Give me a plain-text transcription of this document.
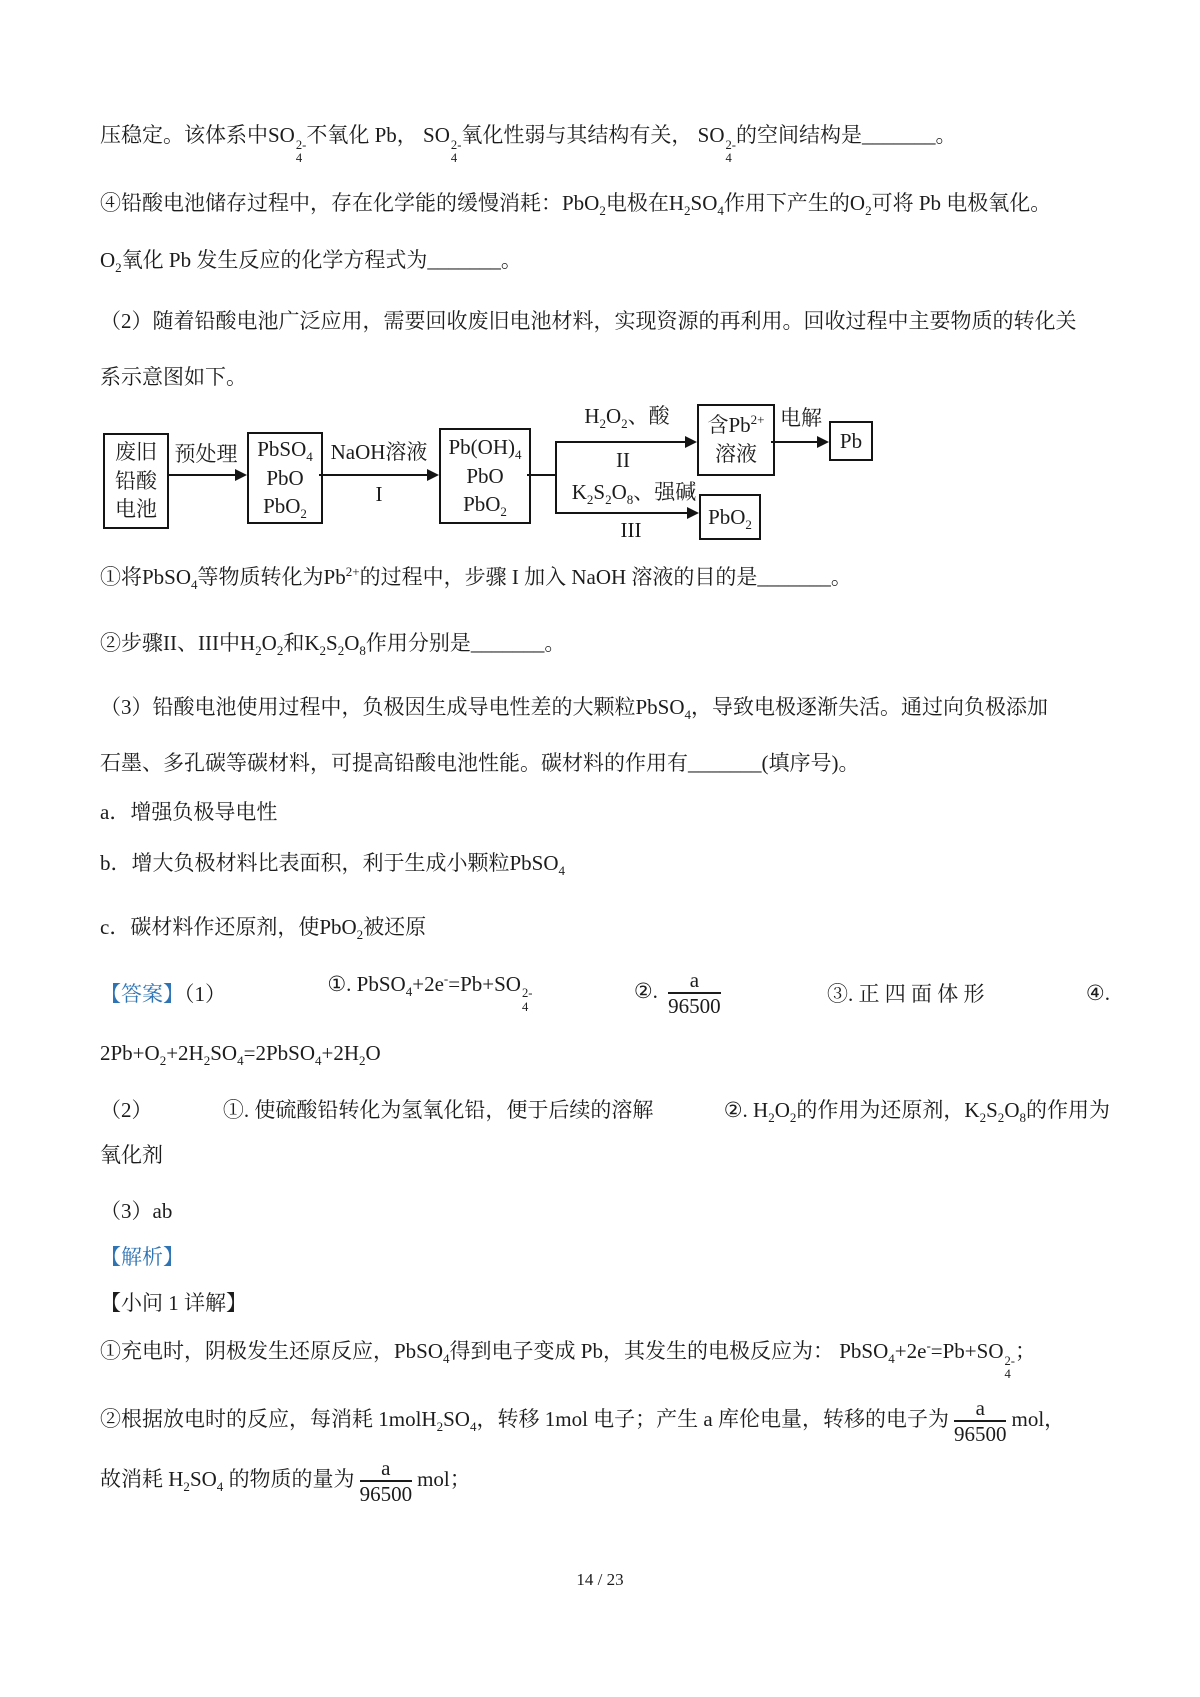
压稳定。该体系中SO 2-
4
不氧化 Pb， SO 2-
4
氧化性弱与其结构有关， SO 2-
4
的空间结构是_______。
④铅酸电池储存过程中，存在化学能的缓慢消耗：PbO$_2$电极在$H_2SO_4$作用下产生的$O_2$可将 Pb 电极氧化。
$O_2$氧化 Pb 发生反应的化学方程式为_______。
（2）随着铅酸电池广泛应用，需要回收废旧电池材料，实现资源的再利用。回收过程中主要物质的转化关
系示意图如下。
废旧
铅酸
电池
预处理 PbSO$_4$
PbO
PbO$_2$
NaOH溶液
I
$Pb(OH)_4$
PbO
PbO$_2$
$H_2O_2$、酸
II
含$Pb^{2+}$
溶液
电解
Pb
$K_2S_2O_8$、强碱
III
PbO$_2$
①将PbSO$_4$等物质转化为$Pb^{2+}$的过程中，步骤 I 加入 NaOH 溶液的目的是_______。
②步骤II、III中$H_2O_2$和$K_2S_2O_8$作用分别是_______。
（3）铅酸电池使用过程中，负极因生成导电性差的大颗粒PbSO$_4$，导致电极逐渐失活。通过向负极添加
石墨、多孔碳等碳材料，可提高铅酸电池性能。碳材料的作用有_______(填序号)。
a．增强负极导电性
b．增大负极材料比表面积，利于生成小颗粒PbSO$_4$
c．碳材料作还原剂，使PbO$_2$被还原
【答案】（1）	①. PbSO$_4$+2e-=Pb+SO 2-
4
②. $\frac{a}{96500}$	③. 正 四 面 体 形	④.
$2Pb+O_2+2H_2SO_4=2PbSO_4+2H_2O$
（2）	①. 使硫酸铅转化为氢氧化铅，便于后续的溶解	②. $H_2O_2$的作用为还原剂，$K_2S_2O_8$的作用为
氧化剂
（3）ab
【解析】
【小问 1 详解】
①充电时，阴极发生还原反应，PbSO$_4$得到电子变成 Pb，其发生的电极反应为： PbSO$_4$+2e-=Pb+SO 2-
4
；
②根据放电时的反应，每消耗 $1molH_2SO_4$，转移 1mol 电子；产生 a 库伦电量，转移的电子为 $\frac{a}{96500}$ mol，
故消耗 $H_2SO_4$ 的物质的量为 $\frac{a}{96500}$ mol；
14 / 23
